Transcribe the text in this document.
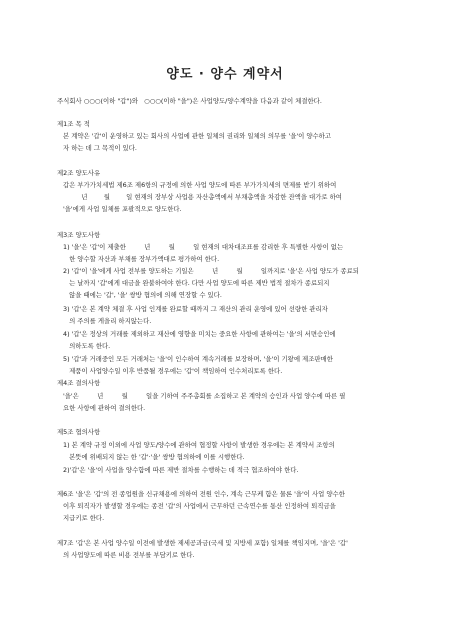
양도 · 양수 계약서
주식회사 ○○○(이하 "갑")와   ○○○(이하 "을")은 사업양도/양수계약을 다음과 같이 체결한다.
제1조 목 적
본 계약은 '갑'이 운영하고 있는 회사의 사업에 관한 일체의 권리와 일체의 의무를 '을'이 양수하고
자 하는 데 그 목적이 있다.
제2조 양도사유
갑은 부가가치세법 제6조 제6항의 규정에 의한 사업 양도에 따른 부가가치세의 면제를 받기 위하여
년        월        일 현재의 장부상 사업용 자산총액에서 부채총액을 차감한 잔액을 대가로 하여
'을'에게 사업 일체를 포괄적으로 양도한다.
제3조 양도사항
1) '을'은 '갑'이 제출한         년         월         일 현재의 대차대조표를 감리한 후 특별한 사항이 없는
한 양수할 자산과 부채를 장부가액대로 평가하여 한다.
2) '갑'이 '을'에게 사업 전부를 양도하는 기일은         년         월         일까지로 '을'은 사업 양도가 종료되
는 날까지 '갑'에게 대금을 완불하여야 한다. 다만 사업 양도에 따른 제반 법적 절차가 종료되지
않을 때에는 '갑', '을' 쌍방 협의에 의해 연장할 수 있다.
3) '갑'은 본 계약 체결 후 사업 인계를 완료할 때까지 그 재산의 관리 운영에 있어 선량한 관리자
의 주의를 게을리 하지않는다.
4) '갑'은 정상의 거래를 제외하고 재산에 영향을 미치는 중요한 사항에 관하여는 '을'의 서면승인에
의하도록 한다.
5) '갑'과 거래중인 모든 거래처는 '을'이 인수하여 계속거래를 보장하며, '을'이 기왕에 제조판매한
제품이 사업양수일 이후 반품될 경우에는 '갑'이 책임하여 인수처리토록 한다.
제4조 결의사항
'을'은         년         월         일을 기하여 주주총회를 소집하고 본 계약의 승인과 사업 양수에 따른 필
요한 사항에 관하여 결의한다.
제5조 협의사항
1) 본 계약 규정 이외에 사업 양도/양수에 관하여 협정할 사항이 발생한 경우에는 본 계약서 조항의
본뜻에 위배되지 않는 한 '갑'·'을' 쌍방 협의하에 이를 시행한다.
2)'갑'은 '을'이 사업을 양수함에 따른 제반 절차를 수행하는 데 적극 협조하여야 한다.
제6조 '을'은 '갑'의 전 종업원을 신규채용에 의하여 전원 인수, 계속 근무케 함은 물론 '을'이 사업 양수한
이후 퇴직자가 발생할 경우에는 종전 '갑'의 사업에서 근무하던 근속연수를 통산 인정하여 퇴직금을
지급키로 한다.
제7조 '갑'은 본 사업 양수일 이전에 발생한 제세공과금(국세 및 지방세 포함) 일체를 책임지며, '을'은 '갑'
의 사업양도에 따른 비용 전부를 부담키로 한다.
